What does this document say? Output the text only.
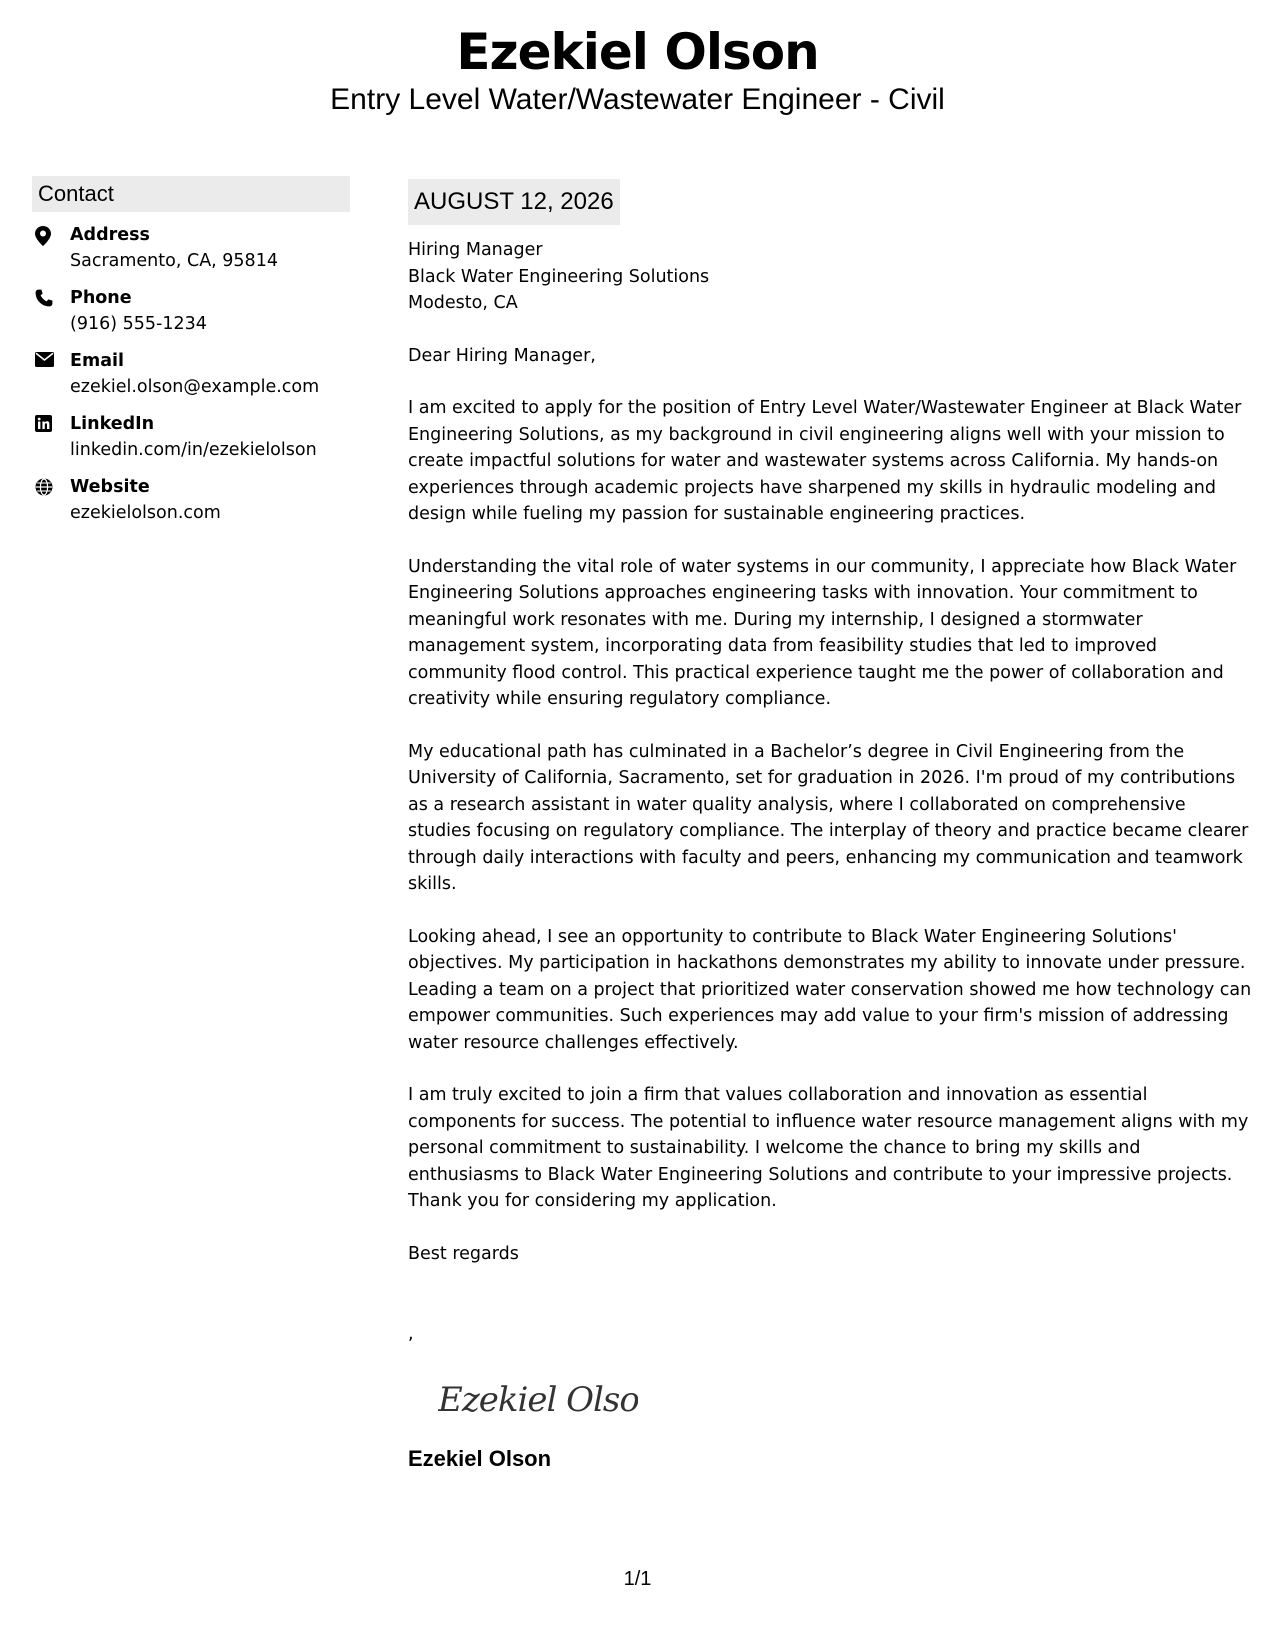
Ezekiel Olson
Entry Level Water/Wastewater Engineer - Civil
Contact
Address
Sacramento, CA, 95814
Phone
(916) 555-1234
Email
ezekiel.olson@example.com
LinkedIn
linkedin.com/in/ezekielolson
Website
ezekielolson.com
AUGUST 12, 2026
Hiring Manager
Black Water Engineering Solutions
Modesto, CA
Dear Hiring Manager,
I am excited to apply for the position of Entry Level Water/Wastewater Engineer at Black Water Engineering Solutions, as my background in civil engineering aligns well with your mission to create impactful solutions for water and wastewater systems across California. My hands-on experiences through academic projects have sharpened my skills in hydraulic modeling and design while fueling my passion for sustainable engineering practices.
Understanding the vital role of water systems in our community, I appreciate how Black Water Engineering Solutions approaches engineering tasks with innovation. Your commitment to meaningful work resonates with me. During my internship, I designed a stormwater management system, incorporating data from feasibility studies that led to improved community flood control. This practical experience taught me the power of collaboration and creativity while ensuring regulatory compliance.
My educational path has culminated in a Bachelor’s degree in Civil Engineering from the University of California, Sacramento, set for graduation in 2026. I'm proud of my contributions as a research assistant in water quality analysis, where I collaborated on comprehensive studies focusing on regulatory compliance. The interplay of theory and practice became clearer through daily interactions with faculty and peers, enhancing my communication and teamwork skills.
Looking ahead, I see an opportunity to contribute to Black Water Engineering Solutions' objectives. My participation in hackathons demonstrates my ability to innovate under pressure. Leading a team on a project that prioritized water conservation showed me how technology can empower communities. Such experiences may add value to your firm's mission of addressing water resource challenges effectively.
I am truly excited to join a firm that values collaboration and innovation as essential components for success. The potential to influence water resource management aligns with my personal commitment to sustainability. I welcome the chance to bring my skills and enthusiasms to Black Water Engineering Solutions and contribute to your impressive projects. Thank you for considering my application.
Best regards
,
Ezekiel Olson
Ezekiel Olson
1/1
